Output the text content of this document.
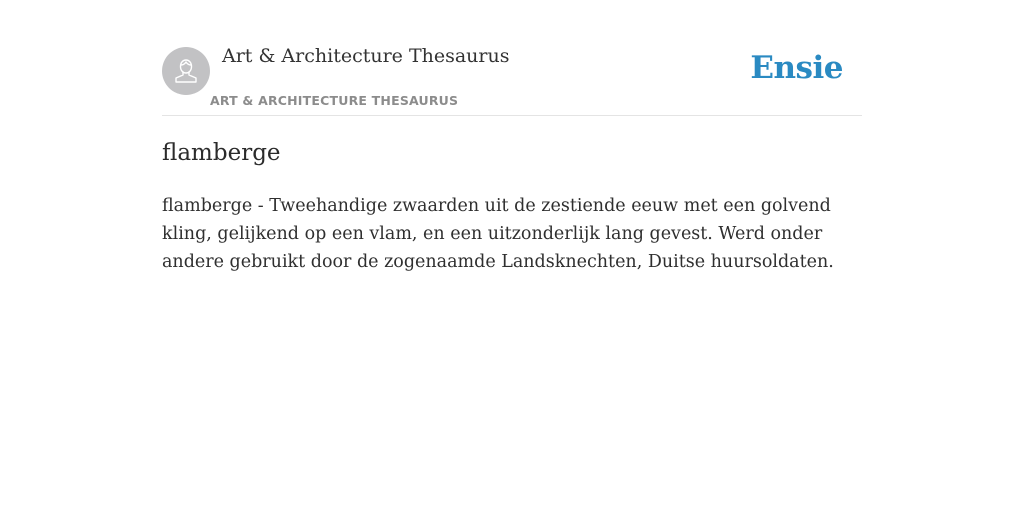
Art & Architecture Thesaurus
ART & ARCHITECTURE THESAURUS
Ensie
flamberge

flamberge - Tweehandige zwaarden uit de zestiende eeuw met een golvend kling, gelijkend op een vlam, en een uitzonderlijk lang gevest. Werd onder andere gebruikt door de zogenaamde Landsknechten, Duitse huursoldaten.
